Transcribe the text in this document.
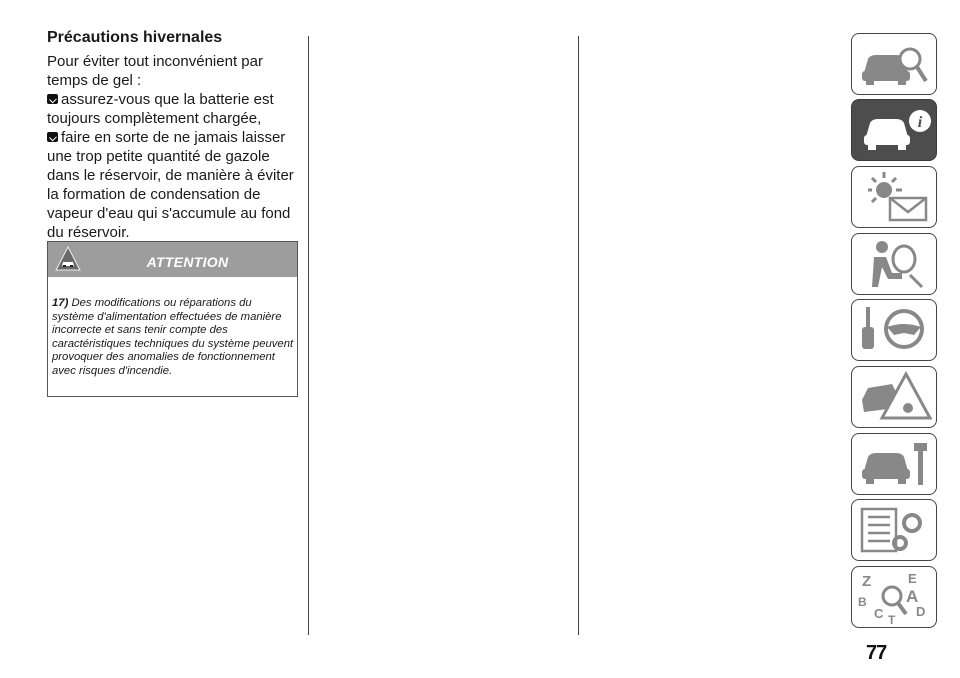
Précautions hivernales

Pour éviter tout inconvénient par temps de gel :

assurez-vous que la batterie est toujours complètement chargée,

faire en sorte de ne jamais laisser une trop petite quantité de gazole dans le réservoir, de manière à éviter la formation de condensation de vapeur d'eau qui s'accumule au fond du réservoir.

ATTENTION
17) Des modifications ou réparations du système d'alimentation effectuées de manière incorrecte et sans tenir compte des caractéristiques techniques du système peuvent provoquer des anomalies de fonctionnement avec risques d'incendie.
i
Z	E
A
B
C T
D
77
